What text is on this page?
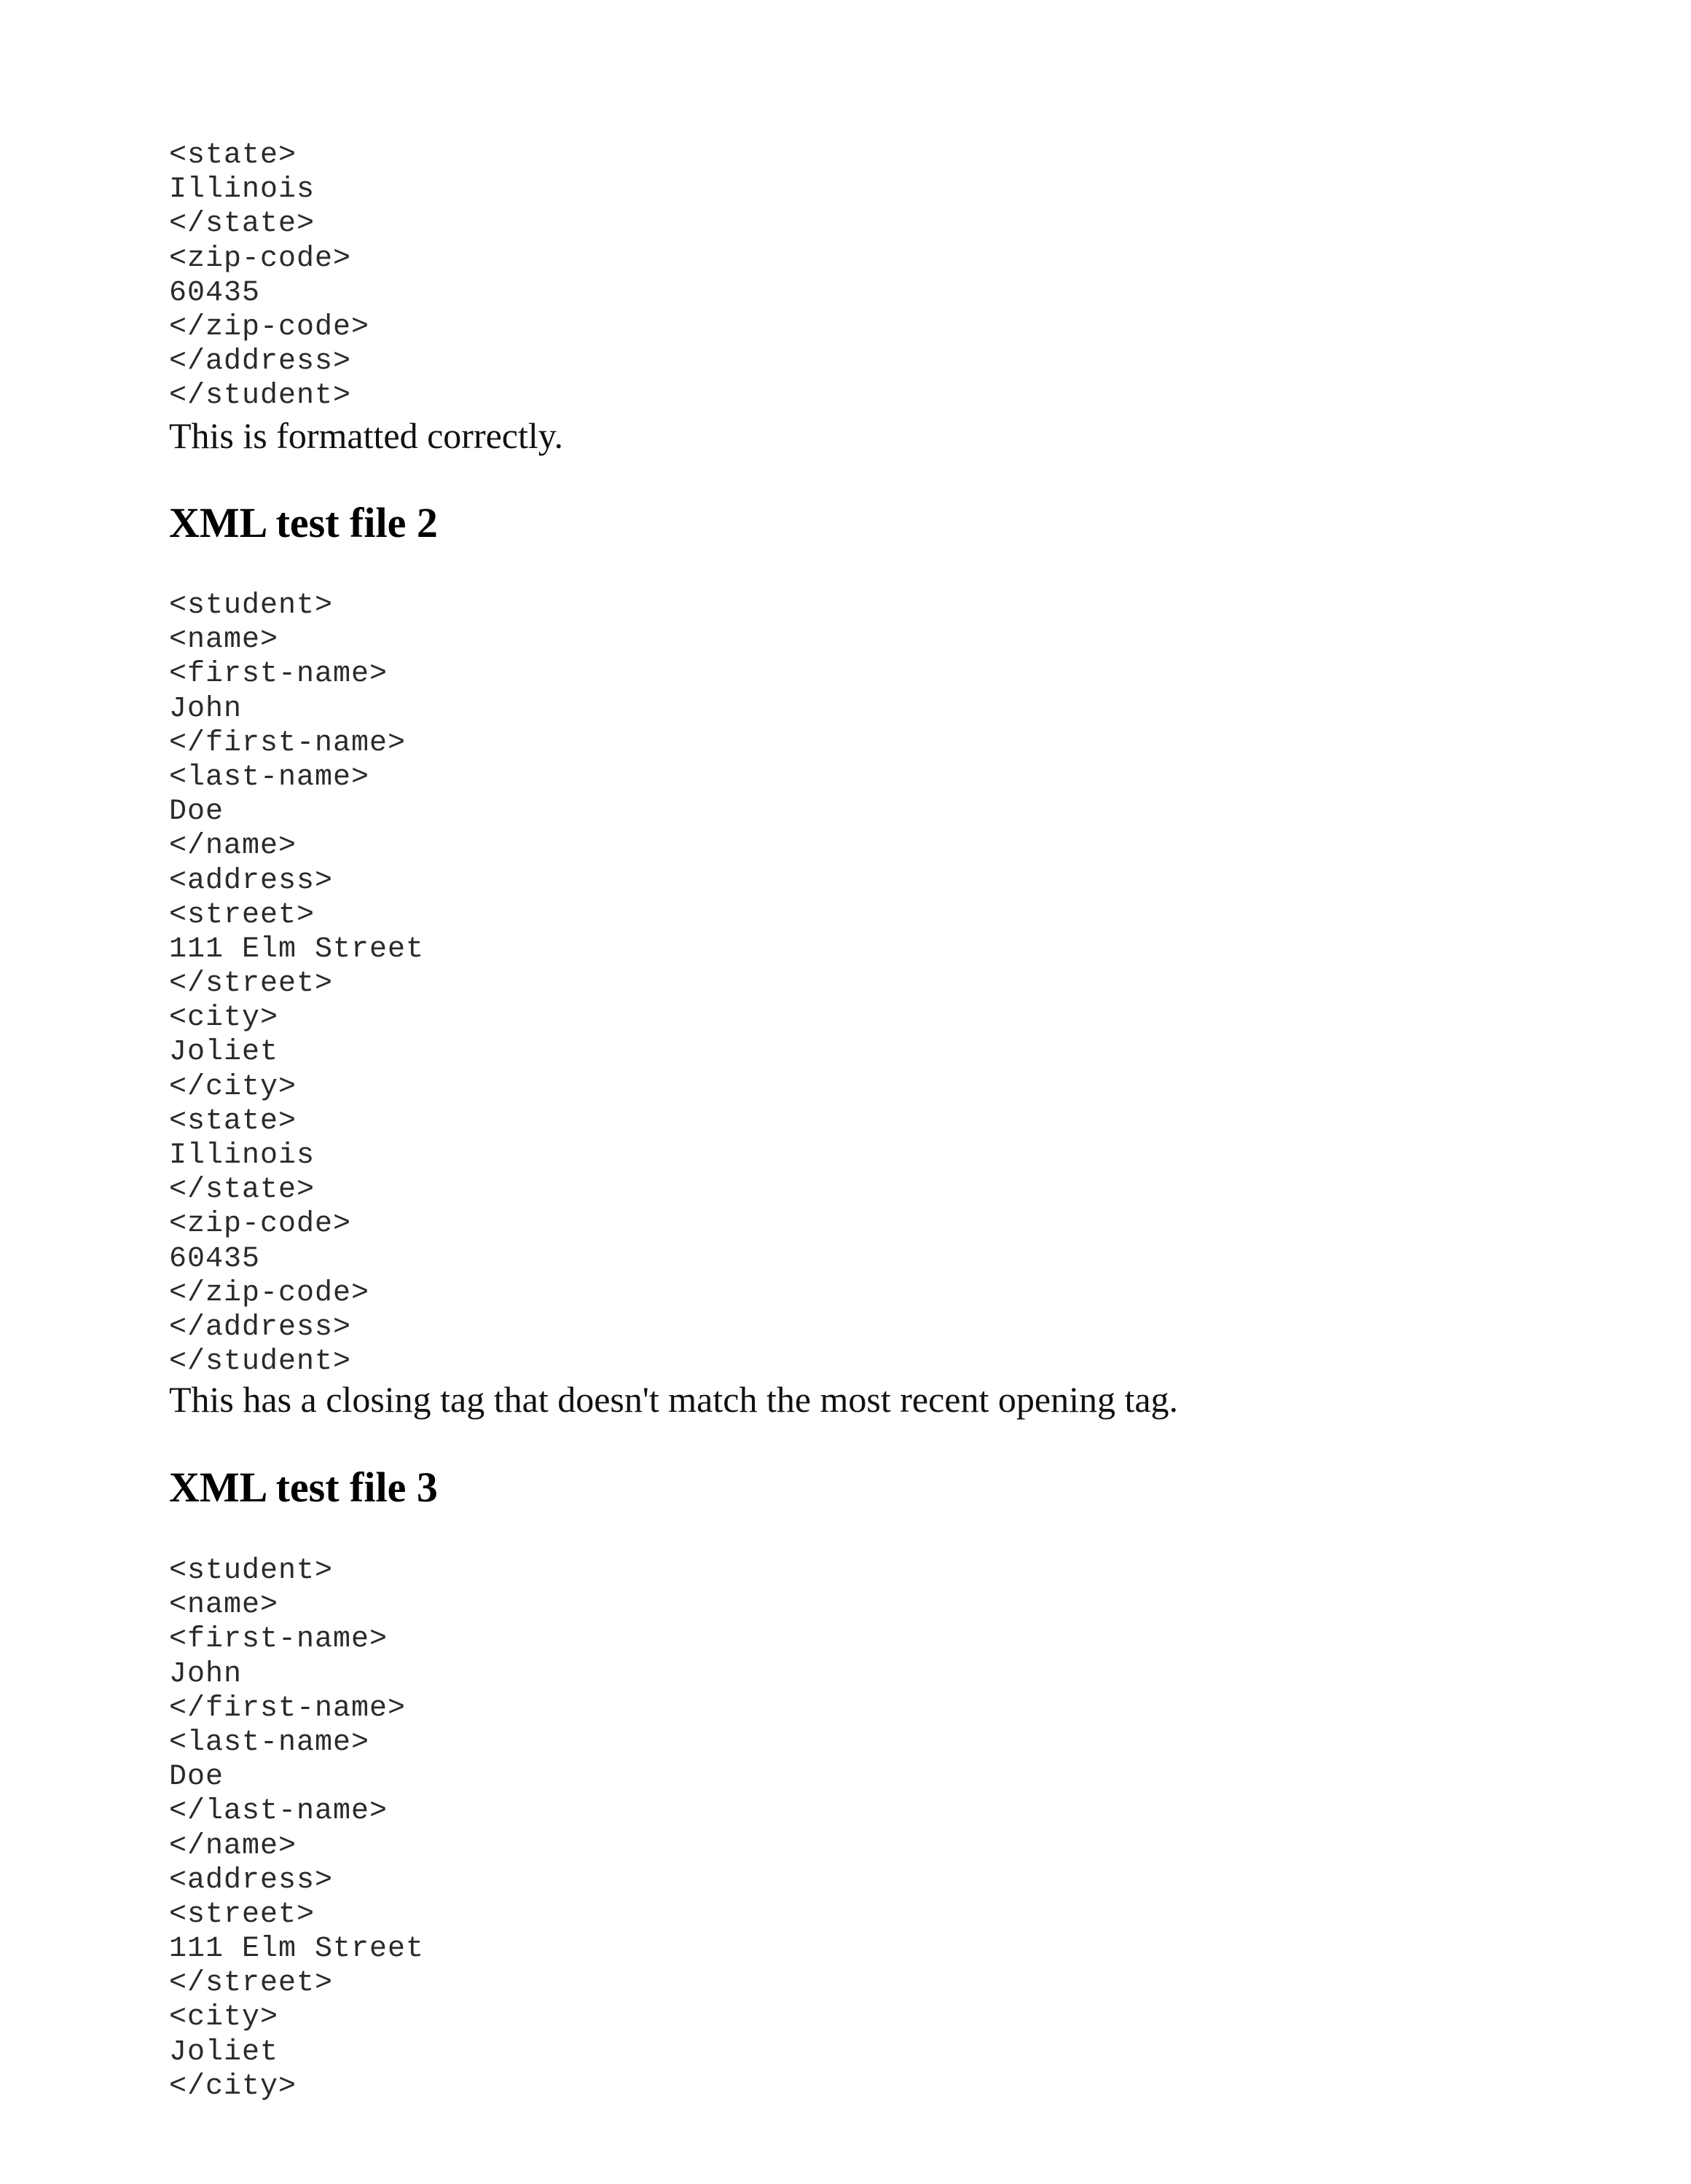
<state>
Illinois
</state>
<zip-code>
60435
</zip-code>
</address>
</student>

This is formatted correctly.

XML test file 2
<student>
<name>
<first-name>
John
</first-name>
<last-name>
Doe
</name>
<address>
<street>
111 Elm Street
</street>
<city>
Joliet
</city>
<state>
Illinois
</state>
<zip-code>
60435
</zip-code>
</address>
</student>

This has a closing tag that doesn't match the most recent opening tag.

XML test file 3
<student>
<name>
<first-name>
John
</first-name>
<last-name>
Doe
</last-name>
</name>
<address>
<street>
111 Elm Street
</street>
<city>
Joliet
</city>
